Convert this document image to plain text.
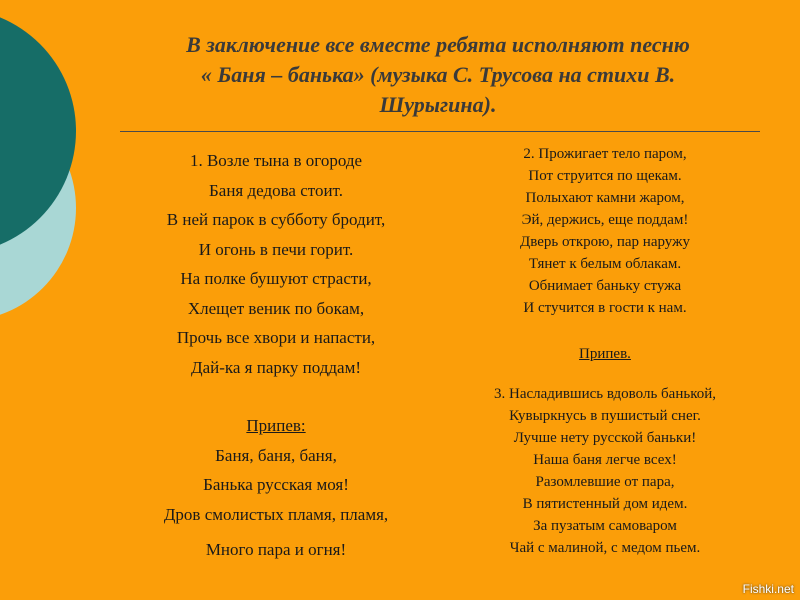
В заключение все вместе ребята исполняют песню
« Баня – банька» (музыка С. Трусова на стихи В.
Шурыгина).

1. Возле тына в огороде

Баня дедова стоит.

В ней парок в субботу бродит,

И огонь в печи горит.

На полке бушуют страсти,

Хлещет веник по бокам,

Прочь все хвори и напасти,

Дай-ка я парку поддам!

Припев:

Баня, баня, баня,

Банька русская моя!

Дров смолистых пламя, пламя,

Много пара и огня!

2. Прожигает тело паром,

Пот струится по щекам.

Полыхают камни жаром,

Эй, держись, еще поддам!

Дверь открою, пар наружу

Тянет к белым облакам.

Обнимает баньку стужа

И стучится в гости к нам.

Припев.

3. Насладившись вдоволь банькой,

Кувыркнусь в пушистый снег.

Лучше нету русской баньки!

Наша баня легче всех!

Разомлевшие от пара,

В пятистенный дом идем.

За пузатым самоваром

Чай с малиной, с медом пьем.

Fishki.net
